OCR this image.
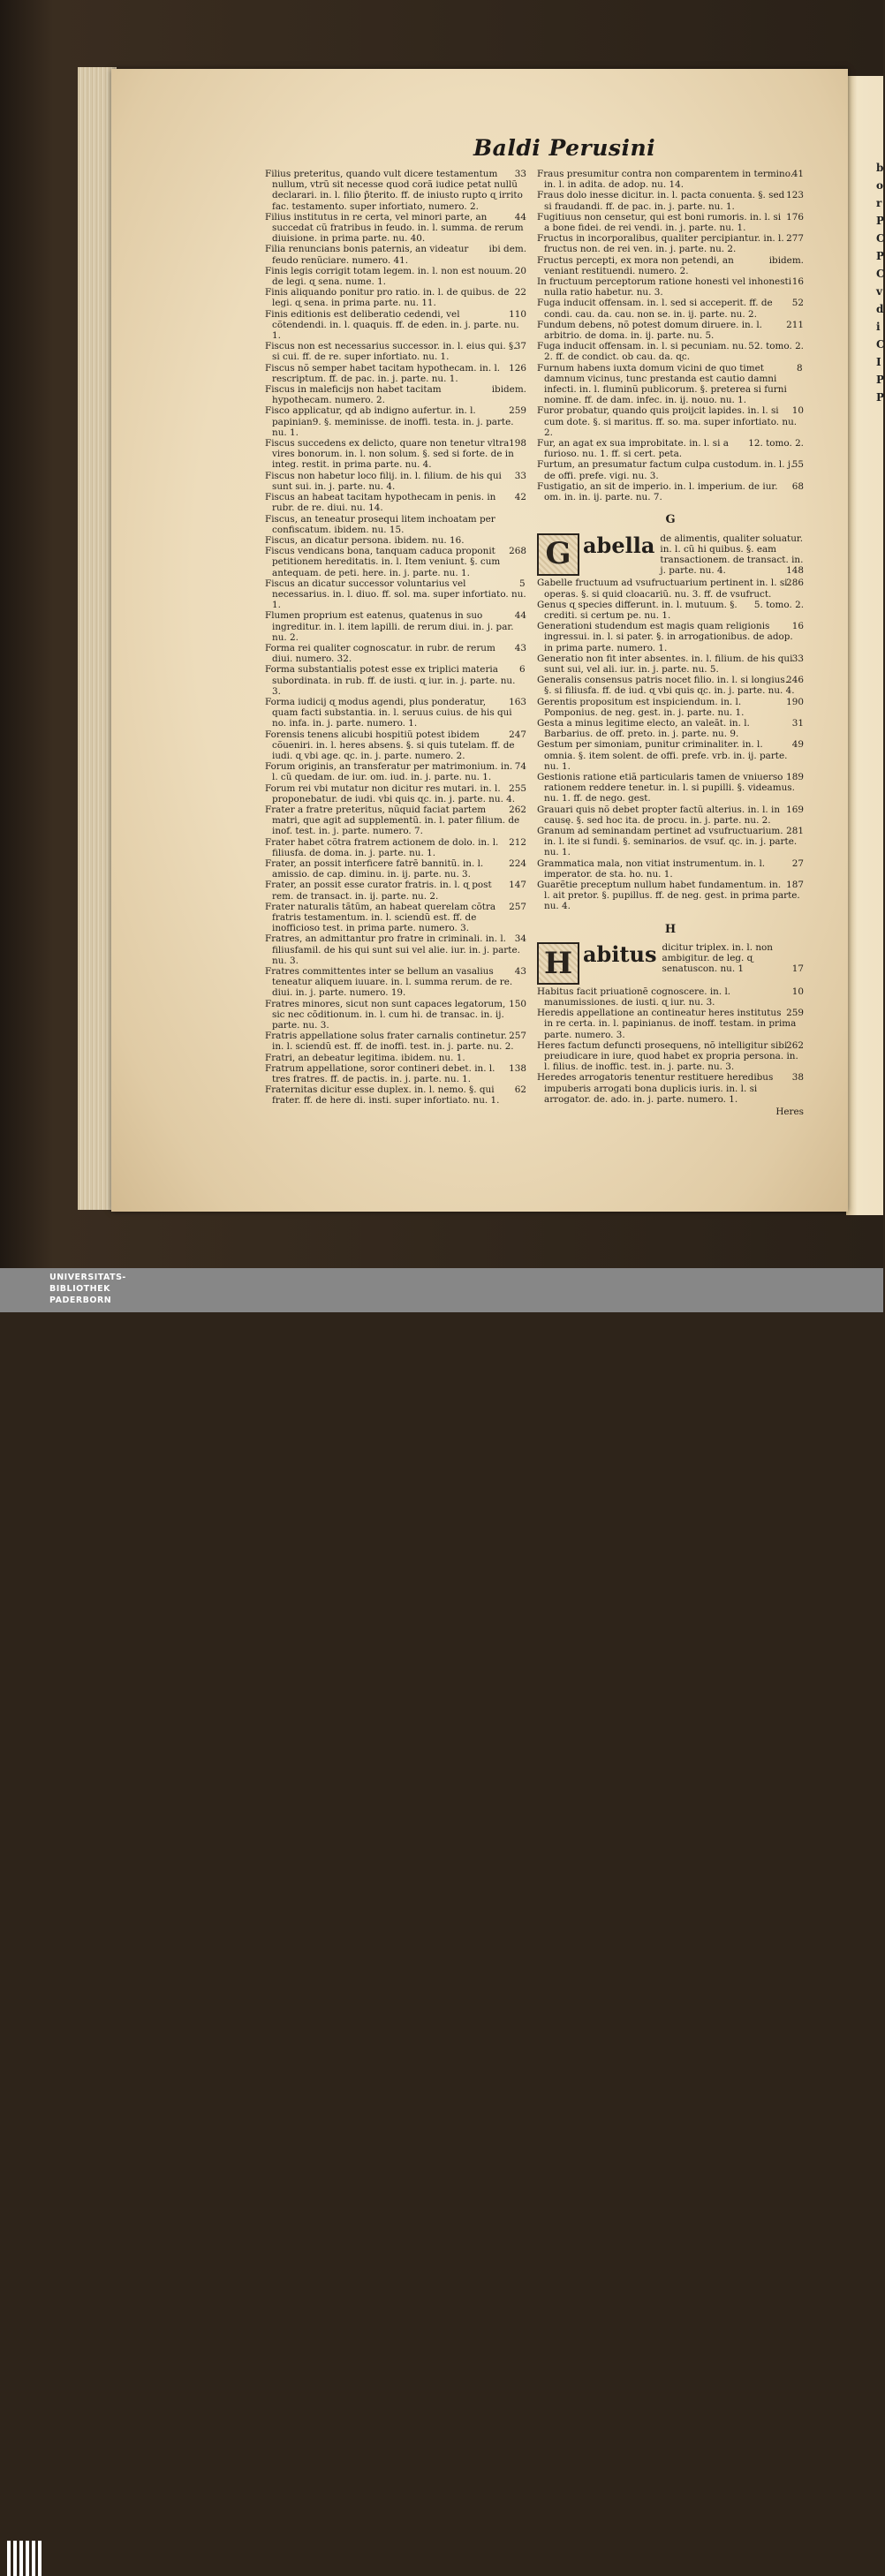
b
o
r
P
C
P
C
v
d
i
C
I
P
P
Baldi Perusini
33
Filius preteritus, quando vult dicere testamentum nullum, vtrũ sit necesse quod corã iudice petat nullũ declarari. in. l. filio p̃terito. ff. de iniusto rupto ɋ irrito fac. testamento. super infortiato, numero. 2.
44
Filius institutus in re certa, vel minori parte, an succedat cũ fratribus in feudo. in. l. summa. de rerum diuisione. in prima parte. nu. 40.
ibi dem.
Filia renuncians bonis paternis, an videatur feudo renũciare. numero. 41.
20
Finis legis corrigit totam legem. in. l. non est nouum. de legi. ɋ sena. nume. 1.
22
Finis aliquando ponitur pro ratio. in. l. de quibus. de legi. ɋ sena. in prima parte. nu. 11.
110
Finis editionis est deliberatio cedendi, vel cõtendendi. in. l. quaquis. ff. de eden. in. j. parte. nu. 1.
37
Fiscus non est necessarius successor. in. l. eius qui. §. si cui. ff. de re. super infortiato. nu. 1.
126
Fiscus nõ semper habet tacitam hypothecam. in. l. rescriptum. ff. de pac. in. j. parte. nu. 1.
ibidem.
Fiscus in maleficijs non habet tacitam hypothecam. numero. 2.
259
Fisco applicatur, qd ab indigno aufertur. in. l. papinian9. §. meminisse. de inoffi. testa. in. j. parte. nu. 1.
198
Fiscus succedens ex delicto, quare non tenetur vltra vires bonorum. in. l. non solum. §. sed si forte. de in integ. restit. in prima parte. nu. 4.
33
Fiscus non habetur loco filij. in. l. filium. de his qui sunt sui. in. j. parte. nu. 4.
42
Fiscus an habeat tacitam hypothecam in penis. in rubr. de re. diui. nu. 14.
Fiscus, an teneatur prosequi litem inchoatam per confiscatum. ibidem. nu. 15.
Fiscus, an dicatur persona. ibidem. nu. 16.
268
Fiscus vendicans bona, tanquam caduca proponit petitionem hereditatis. in. l. Item veniunt. §. cum antequam. de peti. here. in. j. parte. nu. 1.
5
Fiscus an dicatur successor voluntarius vel necessarius. in. l. diuo. ff. sol. ma. super infortiato. nu. 1.
44
Flumen proprium est eatenus, quatenus in suo ingreditur. in. l. item lapilli. de rerum diui. in. j. par. nu. 2.
43
Forma rei qualiter cognoscatur. in rubr. de rerum diui. numero. 32.
6
Forma substantialis potest esse ex triplici materia subordinata. in rub. ff. de iusti. ɋ iur. in. j. parte. nu. 3.
163
Forma iudicij ɋ modus agendi, plus ponderatur, quam facti substantia. in. l. seruus cuius. de his qui no. infa. in. j. parte. numero. 1.
247
Forensis tenens alicubi hospitiũ potest ibidem cõueniri. in. l. heres absens. §. si quis tutelam. ff. de iudi. ɋ vbi age. ɋc. in. j. parte. numero. 2.
74
Forum originis, an transferatur per matrimonium. in. l. cũ quedam. de iur. om. iud. in. j. parte. nu. 1.
255
Forum rei vbi mutatur non dicitur res mutari. in. l. proponebatur. de iudi. vbi quis ɋc. in. j. parte. nu. 4.
262
Frater a fratre preteritus, nũquid faciat partem matri, que agit ad supplementũ. in. l. pater filium. de inof. test. in. j. parte. numero. 7.
212
Frater habet cõtra fratrem actionem de dolo. in. l. filiusfa. de doma. in. j. parte. nu. 1.
224
Frater, an possit interficere fatrẽ bannitũ. in. l. amissio. de cap. diminu. in. ij. parte. nu. 3.
147
Frater, an possit esse curator fratris. in. l. ɋ post rem. de transact. in. ij. parte. nu. 2.
257
Frater naturalis tãtũm, an habeat querelam cõtra fratris testamentum. in. l. sciendũ est. ff. de inofficioso test. in prima parte. numero. 3.
34
Fratres, an admittantur pro fratre in criminali. in. l. filiusfamil. de his qui sunt sui vel alie. iur. in. j. parte. nu. 3.
43
Fratres committentes inter se bellum an vasalius teneatur aliquem iuuare. in. l. summa rerum. de re. diui. in. j. parte. numero. 19.
150
Fratres minores, sicut non sunt capaces legatorum, sic nec cõditionum. in. l. cum hi. de transac. in. ij. parte. nu. 3.
257
Fratris appellatione solus frater carnalis continetur. in. l. sciendũ est. ff. de inoffi. test. in. j. parte. nu. 2.
Fratri, an debeatur legitima. ibidem. nu. 1.
138
Fratrum appellatione, soror contineri debet. in. l. tres fratres. ff. de pactis. in. j. parte. nu. 1.
62
Fraternitas dicitur esse duplex. in. l. nemo. §. qui frater. ff. de here di. insti. super infortiato. nu. 1.
41
Fraus presumitur contra non comparentem in termino. in. l. in adita. de adop. nu. 14.
123
Fraus dolo inesse dicitur. in. l. pacta conuenta. §. sed si fraudandi. ff. de pac. in. j. parte. nu. 1.
176
Fugitiuus non censetur, qui est boni rumoris. in. l. si a bone fidei. de rei vendi. in. j. parte. nu. 1.
277
Fructus in incorporalibus, qualiter percipiantur. in. l. fructus non. de rei ven. in. j. parte. nu. 2.
ibidem.
Fructus percepti, ex mora non petendi, an veniant restituendi. numero. 2.
16
In fructuum perceptorum ratione honesti vel inhonesti nulla ratio habetur. nu. 3.
52
Fuga inducit offensam. in. l. sed si acceperit. ff. de condi. cau. da. cau. non se. in. ij. parte. nu. 2.
211
Fundum debens, nõ potest domum diruere. in. l. arbitrio. de doma. in. ij. parte. nu. 5.
52. tomo. 2.
Fuga inducit offensam. in. l. si pecuniam. nu. 2. ff. de condict. ob cau. da. ɋc.
8
Furnum habens iuxta domum vicini de quo timet damnum vicinus, tunc prestanda est cautio damni infecti. in. l. fluminũ publicorum. §. preterea si furni nomine. ff. de dam. infec. in. ij. nouo. nu. 1.
10
Furor probatur, quando quis proijcit lapides. in. l. si cum dote. §. si maritus. ff. so. ma. super infortiato. nu. 2.
12. tomo. 2.
Fur, an agat ex sua improbitate. in. l. si a furioso. nu. 1. ff. si cert. peta.
55
Furtum, an presumatur factum culpa custodum. in. l. j. de offi. prefe. vigi. nu. 3.
68
Fustigatio, an sit de imperio. in. l. imperium. de iur. om. in. in. ij. parte. nu. 7.
G
G abella de alimentis, qualiter soluatur. in. l. cũ hi quibus. §. eam transactionem. de transact. in. j. parte. nu. 4.	148
286
Gabelle fructuum ad vsufructuarium pertinent in. l. si operas. §. si quid cloacariũ. nu. 3. ff. de vsufruct.
5. tomo. 2.
Genus ɋ species differunt. in. l. mutuum. §. crediti. si certum pe. nu. 1.
16
Generationi studendum est magis quam religionis ingressui. in. l. si pater. §. in arrogationibus. de adop. in prima parte. numero. 1.
33
Generatio non fit inter absentes. in. l. filium. de his qui sunt sui, vel ali. iur. in. j. parte. nu. 5.
246
Generalis consensus patris nocet filio. in. l. si longius. §. si filiusfa. ff. de iud. ɋ vbi quis ɋc. in. j. parte. nu. 4.
190
Gerentis propositum est inspiciendum. in. l. Pomponius. de neg. gest. in. j. parte. nu. 1.
31
Gesta a minus legitime electo, an valeãt. in. l. Barbarius. de off. preto. in. j. parte. nu. 9.
49
Gestum per simoniam, punitur criminaliter. in. l. omnia. §. item solent. de offi. prefe. vrb. in. ij. parte. nu. 1.
189
Gestionis ratione etiã particularis tamen de vniuerso rationem reddere tenetur. in. l. si pupilli. §. videamus. nu. 1. ff. de nego. gest.
169
Grauari quis nõ debet propter factũ alterius. in. l. in causę. §. sed hoc ita. de procu. in. j. parte. nu. 2.
281
Granum ad seminandam pertinet ad vsufructuarium. in. l. ite si fundi. §. seminarios. de vsuf. ɋc. in. j. parte. nu. 1.
27
Grammatica mala, non vitiat instrumentum. in. l. imperator. de sta. ho. nu. 1.
187
Guarẽtie preceptum nullum habet fundamentum. in. l. ait pretor. §. pupillus. ff. de neg. gest. in prima parte. nu. 4.
H
H abitus dicitur triplex. in. l. non ambigitur. de leg. ɋ senatuscon. nu. 1	17
10
Habitus facit priuationẽ cognoscere. in. l. manumissiones. de iusti. ɋ iur. nu. 3.
259
Heredis appellatione an contineatur heres institutus in re certa. in. l. papinianus. de inoff. testam. in prima parte. numero. 3.
262
Heres factum defuncti prosequens, nõ intelligitur sibi preiudicare in iure, quod habet ex propria persona. in. l. filius. de inoffic. test. in. j. parte. nu. 3.
38
Heredes arrogatoris tenentur restituere heredibus impuberis arrogati bona duplicis iuris. in. l. si arrogator. de. ado. in. j. parte. numero. 1.
Heres
UNIVERSITÄTS-
BIBLIOTHEK
PADERBORN
